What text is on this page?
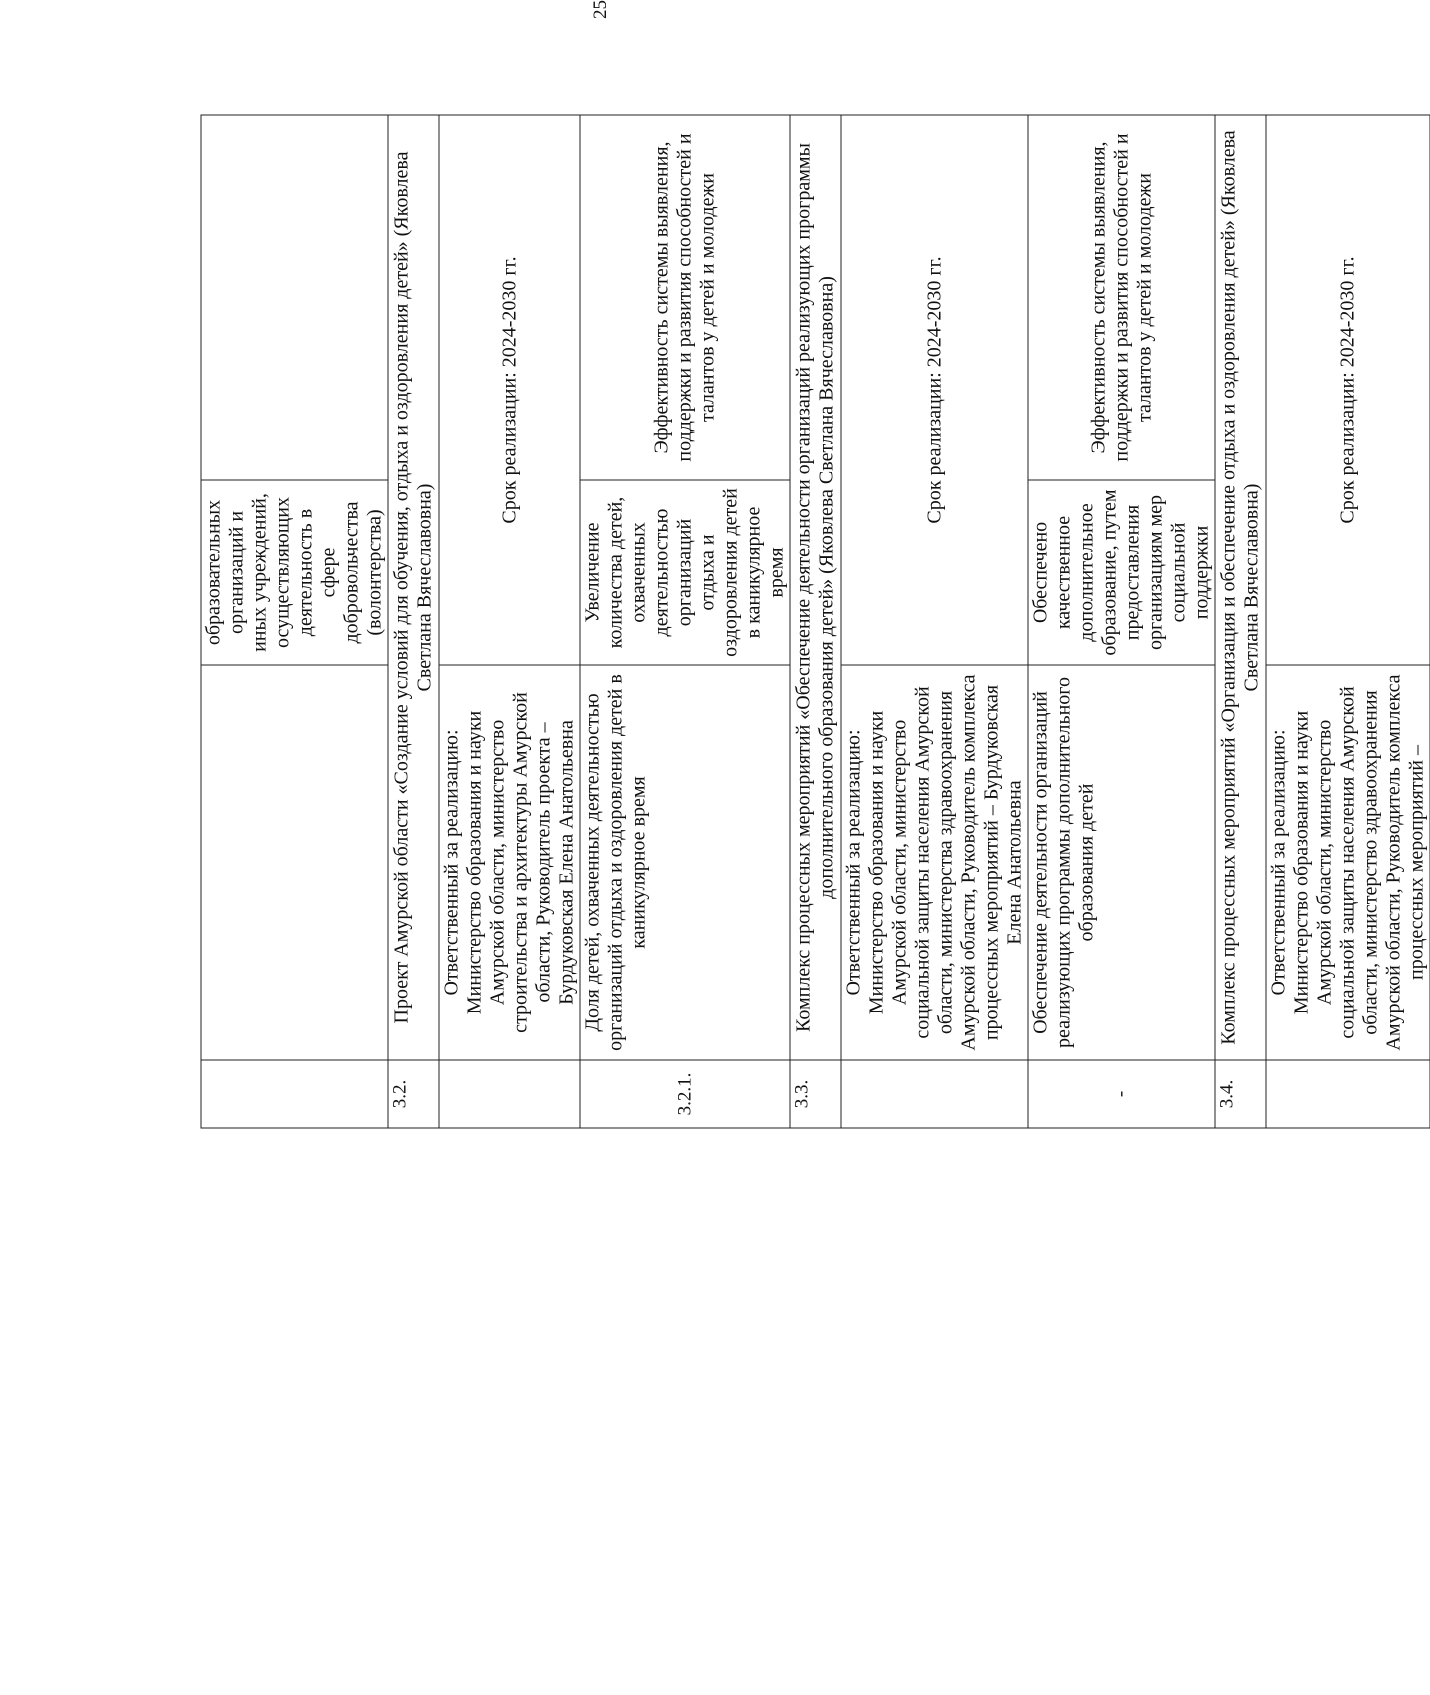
25
		образовательных организаций и иных учреждений, осуществляющих деятельность в сфере добровольчества (волонтерства)	
3.2.	Проект Амурской области «Создание условий для обучения, отдыха и оздоровления детей» (Яковлева Светлана Вячеславовна)		
	Ответственный за реализацию: Министерство образования и науки Амурской области, министерство строительства и архитектуры Амурской области, Руководитель проекта – Бурдуковская Елена Анатольевна	Срок реализации: 2024-2030 гг.	
3.2.1.	Доля детей, охваченных деятельностью организаций отдыха и оздоровления детей в каникулярное время	Увеличение количества детей, охваченных деятельностью организаций отдыха и оздоровления детей в каникулярное время	Эффективность системы выявления, поддержки и развития способностей и талантов у детей и молодежи
3.3.	Комплекс процессных мероприятий «Обеспечение деятельности организаций реализующих программы дополнительного образования детей» (Яковлева Светлана Вячеславовна)		
	Ответственный за реализацию: Министерство образования и науки Амурской области, министерство социальной защиты населения Амурской области, министерства здравоохранения Амурской области, Руководитель комплекса процессных мероприятий – Бурдуковская Елена Анатольевна	Срок реализации: 2024-2030 гг.	
-	Обеспечение деятельности организаций реализующих программы дополнительного образования детей	Обеспечено качественное дополнительное образование, путем предоставления организациям мер социальной поддержки	Эффективность системы выявления, поддержки и развития способностей и талантов у детей и молодежи
3.4.	Комплекс процессных мероприятий «Организация и обеспечение отдыха и оздоровления детей» (Яковлева Светлана Вячеславовна)		
	Ответственный за реализацию: Министерство образования и науки Амурской области, министерство социальной защиты населения Амурской области, министерство здравоохранения Амурской области, Руководитель комплекса процессных мероприятий –	Срок реализации: 2024-2030 гг.	
